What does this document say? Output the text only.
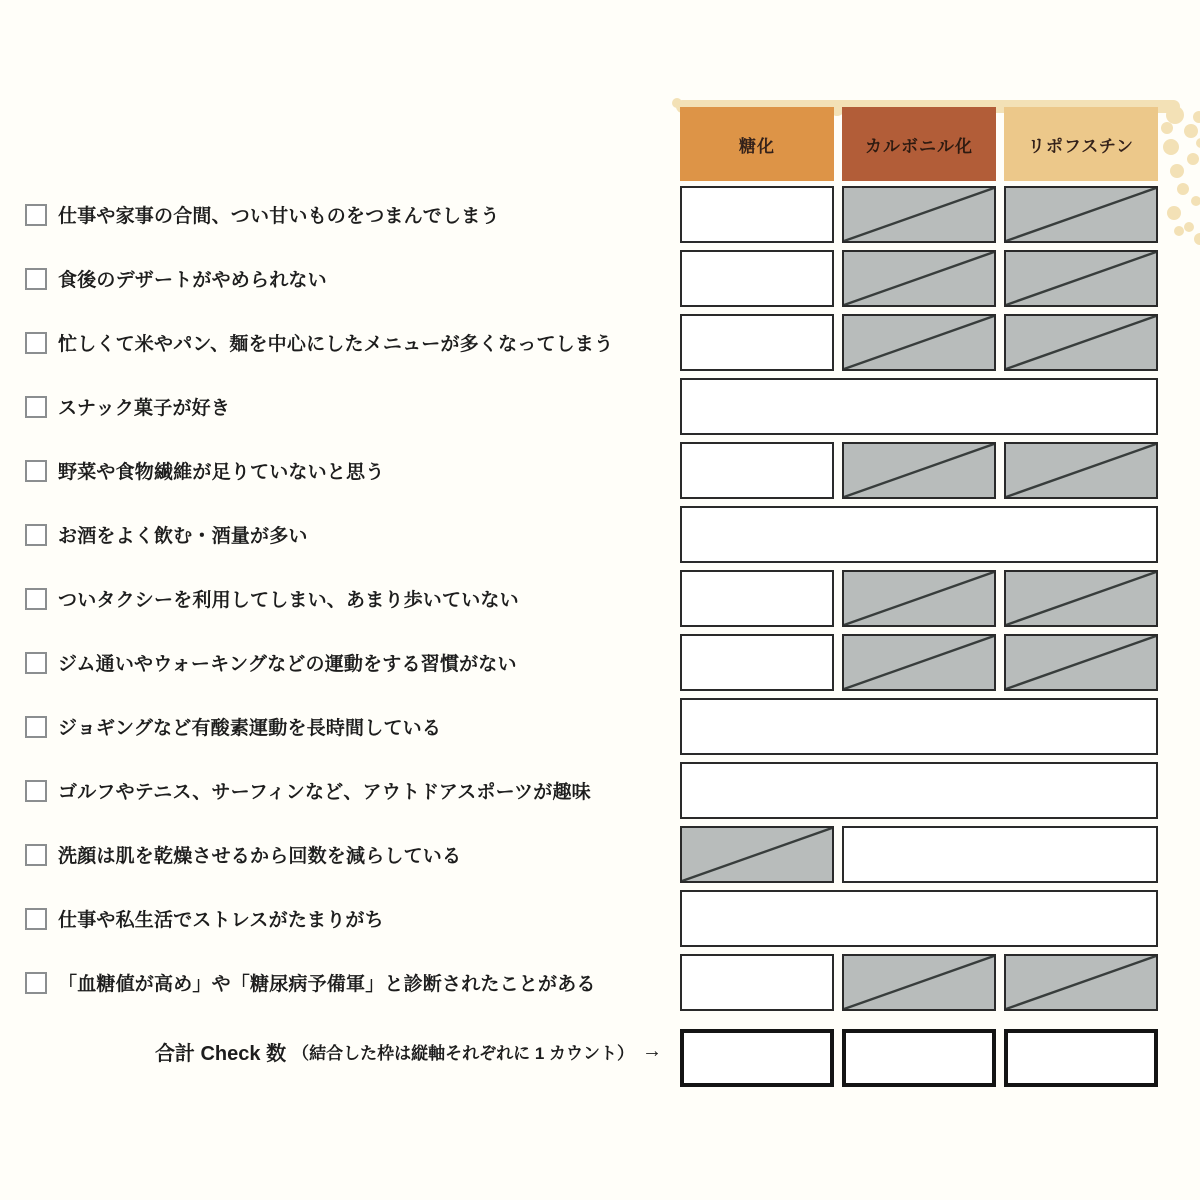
糖化	カルボニル化	リポフスチン
仕事や家事の合間、つい甘いものをつまんでしまう
食後のデザートがやめられない
忙しくて米やパン、麺を中心にしたメニューが多くなってしまう
スナック菓子が好き
野菜や食物繊維が足りていないと思う
お酒をよく飲む・酒量が多い
ついタクシーを利用してしまい、あまり歩いていない
ジム通いやウォーキングなどの運動をする習慣がない
ジョギングなど有酸素運動を長時間している
ゴルフやテニス、サーフィンなど、アウトドアスポーツが趣味
洗顔は肌を乾燥させるから回数を減らしている
仕事や私生活でストレスがたまりがち
「血糖値が高め」や「糖尿病予備軍」と診断されたことがある
合計 Check 数 （結合した枠は縦軸それぞれに 1 カウント） →
